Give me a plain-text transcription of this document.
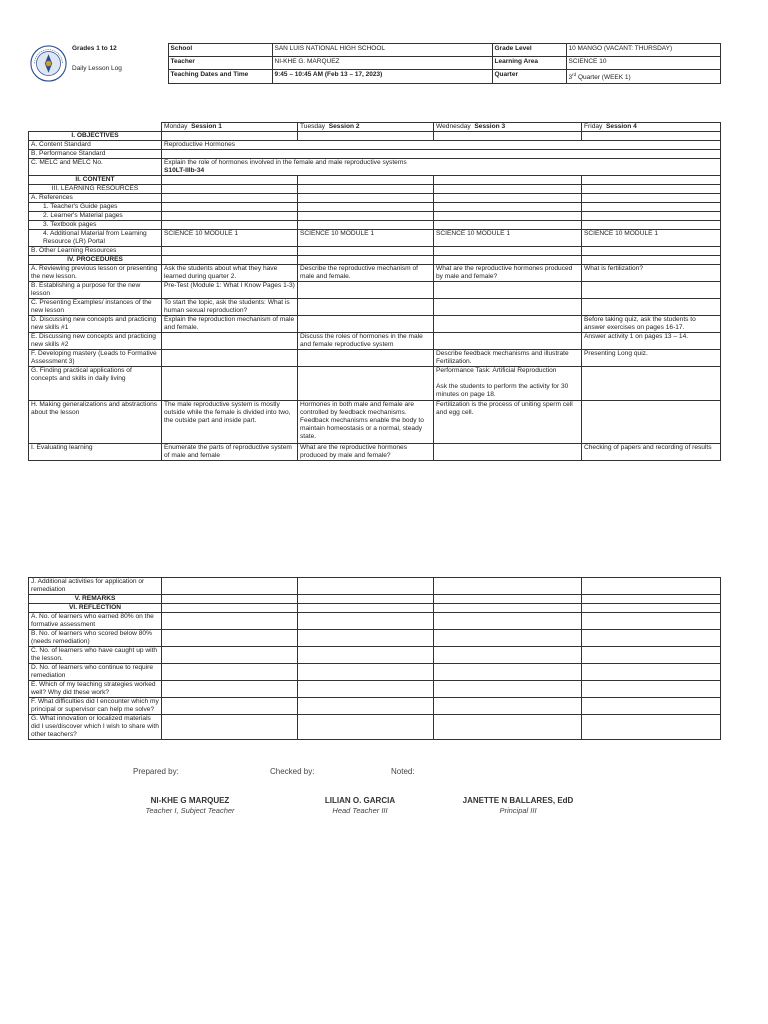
Grades 1 to 12
Daily Lesson Log	School	SAN LUIS NATIONAL HIGH SCHOOL	Grade Level	10 MANGO (VACANT: THURSDAY)
	Teacher	NI-KHE G. MARQUEZ	Learning Area	SCIENCE 10
	Teaching Dates and Time	9:45 – 10:45 AM (Feb 13 – 17, 2023)	Quarter	3rd Quarter (WEEK 1)

	Monday Session 1	Tuesday Session 2	Wednesday Session 3	Friday Session 4
I. OBJECTIVES				
A. Content Standard	Reproductive Hormones			
B. Performance Standard				
C. MELC and MELC No.	Explain the role of hormones involved in the female and male reproductive systems
S10LT-IIIb-34			

II. CONTENT				
III. LEARNING RESOURCES				
A. References				
1. Teacher's Guide pages				
2. Learner's Material pages				
3. Textbook pages				
4. Additional Material from Learning Resource (LR) Portal	SCIENCE 10 MODULE 1	SCIENCE 10 MODULE 1	SCIENCE 10 MODULE 1	SCIENCE 10 MODULE 1
B. Other Learning Resources				
IV. PROCEDURES				
A. Reviewing previous lesson or presenting the new lesson.	Ask the students about what they have learned during quarter 2.	Describe the reproductive mechanism of male and female.	What are the reproductive hormones produced by male and female?	What is fertilization?
B. Establishing a purpose for the new lesson	Pre-Test (Module 1: What I Know Pages 1-3)			
C. Presenting Examples/ instances of the new lesson	To start the topic, ask the students: What is human sexual reproduction?			
D. Discussing new concepts and practicing new skills #1	Explain the reproduction mechanism of male and female.			Before taking quiz, ask the students to answer exercises on pages 16-17.
E. Discussing new concepts and practicing new skills #2		Discuss the roles of hormones in the male and female reproductive system		Answer activity 1 on pages 13 – 14.
F. Developing mastery (Leads to Formative Assessment 3)			Describe feedback mechanisms and illustrate Fertilization.	Presenting Long quiz.
G. Finding practical applications of concepts and skills in daily living			Performance Task: Artificial Reproduction
Ask the students to perform the activity for 30 minutes on page 18.	

H. Making generalizations and abstractions about the lesson	The male reproductive system is mostly outside while the female is divided into two, the outside part and inside part.	Hormones in both male and female are controlled by feedback mechanisms. Feedback mechanisms enable the body to maintain homeostasis or a normal, steady state.	Fertilization is the process of uniting sperm cell and egg cell.	
I. Evaluating learning	Enumerate the parts of reproductive system of male and female	What are the reproductive hormones produced by male and female?		Checking of papers and recording of results
J. Additional activities for application or remediation				
V. REMARKS				
VI. REFLECTION				
A. No. of learners who earned 80% on the formative assessment				
B. No. of learners who scored below 80% (needs remediation)				
C. No. of learners who have caught up with the lesson.				
D. No. of learners who continue to require remediation				
E. Which of my teaching strategies worked well? Why did these work?				
F. What difficulties did I encounter which my principal or supervisor can help me solve?				
G. What innovation or localized materials did I use/discover which I wish to share with other teachers?				
Prepared by:	Checked by:	Noted:
NI-KHE G MARQUEZ
Teacher I, Subject Teacher
LILIAN O. GARCIA
Head Teacher III
JANETTE N BALLARES, EdD
Principal III
